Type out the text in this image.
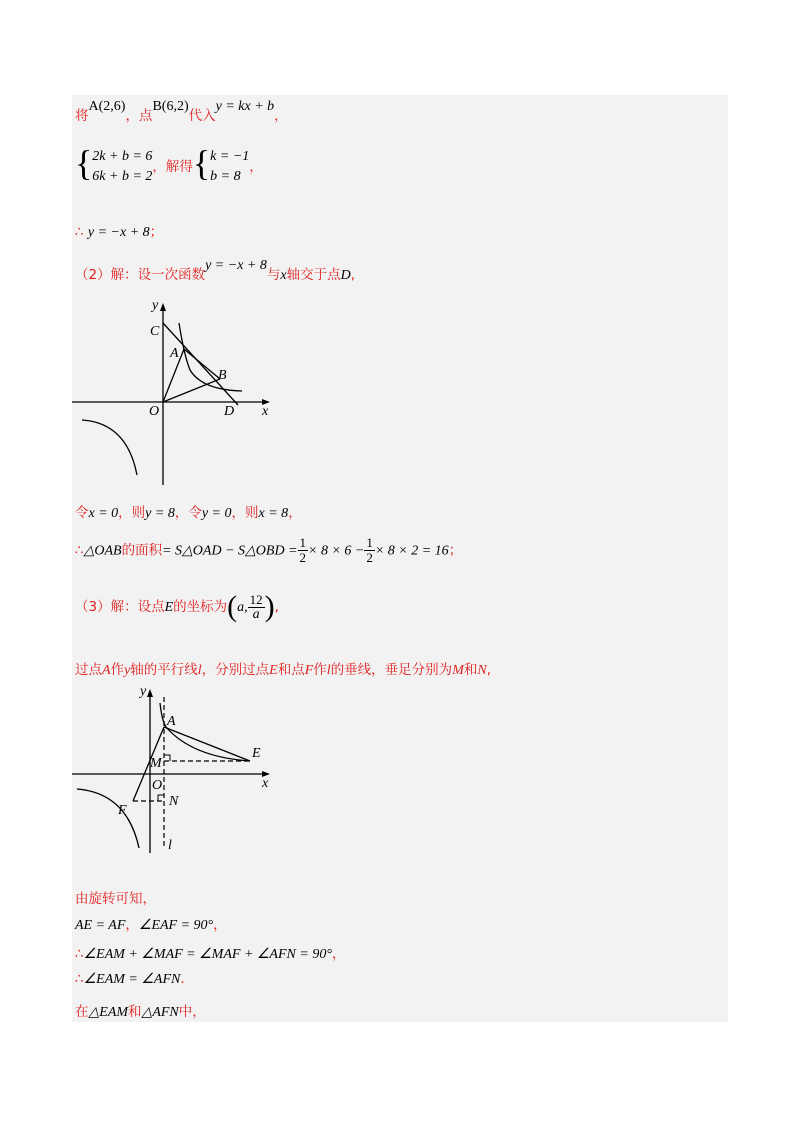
将A(2,6)，点B(6,2)代入y = kx + b，
{ 2k + b = 6
6k + b = 2
，解得{ k = −1
b = 8
，
∴ y = −x + 8；
（2）解：设一次函数y = −x + 8与x轴交于点D,
y
x
O
A
B
C
D
令x = 0，则y = 8，令y = 0，则x = 8，
∴△OAB的面积= S△OAD − S△OBD = $\frac{1}{2} \times 8 \times 6 - \frac{1}{2} \times 8 \times 2 = 16$；
（3）解：设点E的坐标为(a, $\frac{12}{a}$ ),
过点A作y轴的平行线l，分别过点E和点F作l的垂线，垂足分别为M和N,
y
x
O
A
E
M
F
N
l
由旋转可知，
AE = AF，∠EAF = 90°，
∴∠EAM + ∠MAF = ∠MAF + ∠AFN = 90°，
∴∠EAM = ∠AFN.
在△EAM和△AFN中，
